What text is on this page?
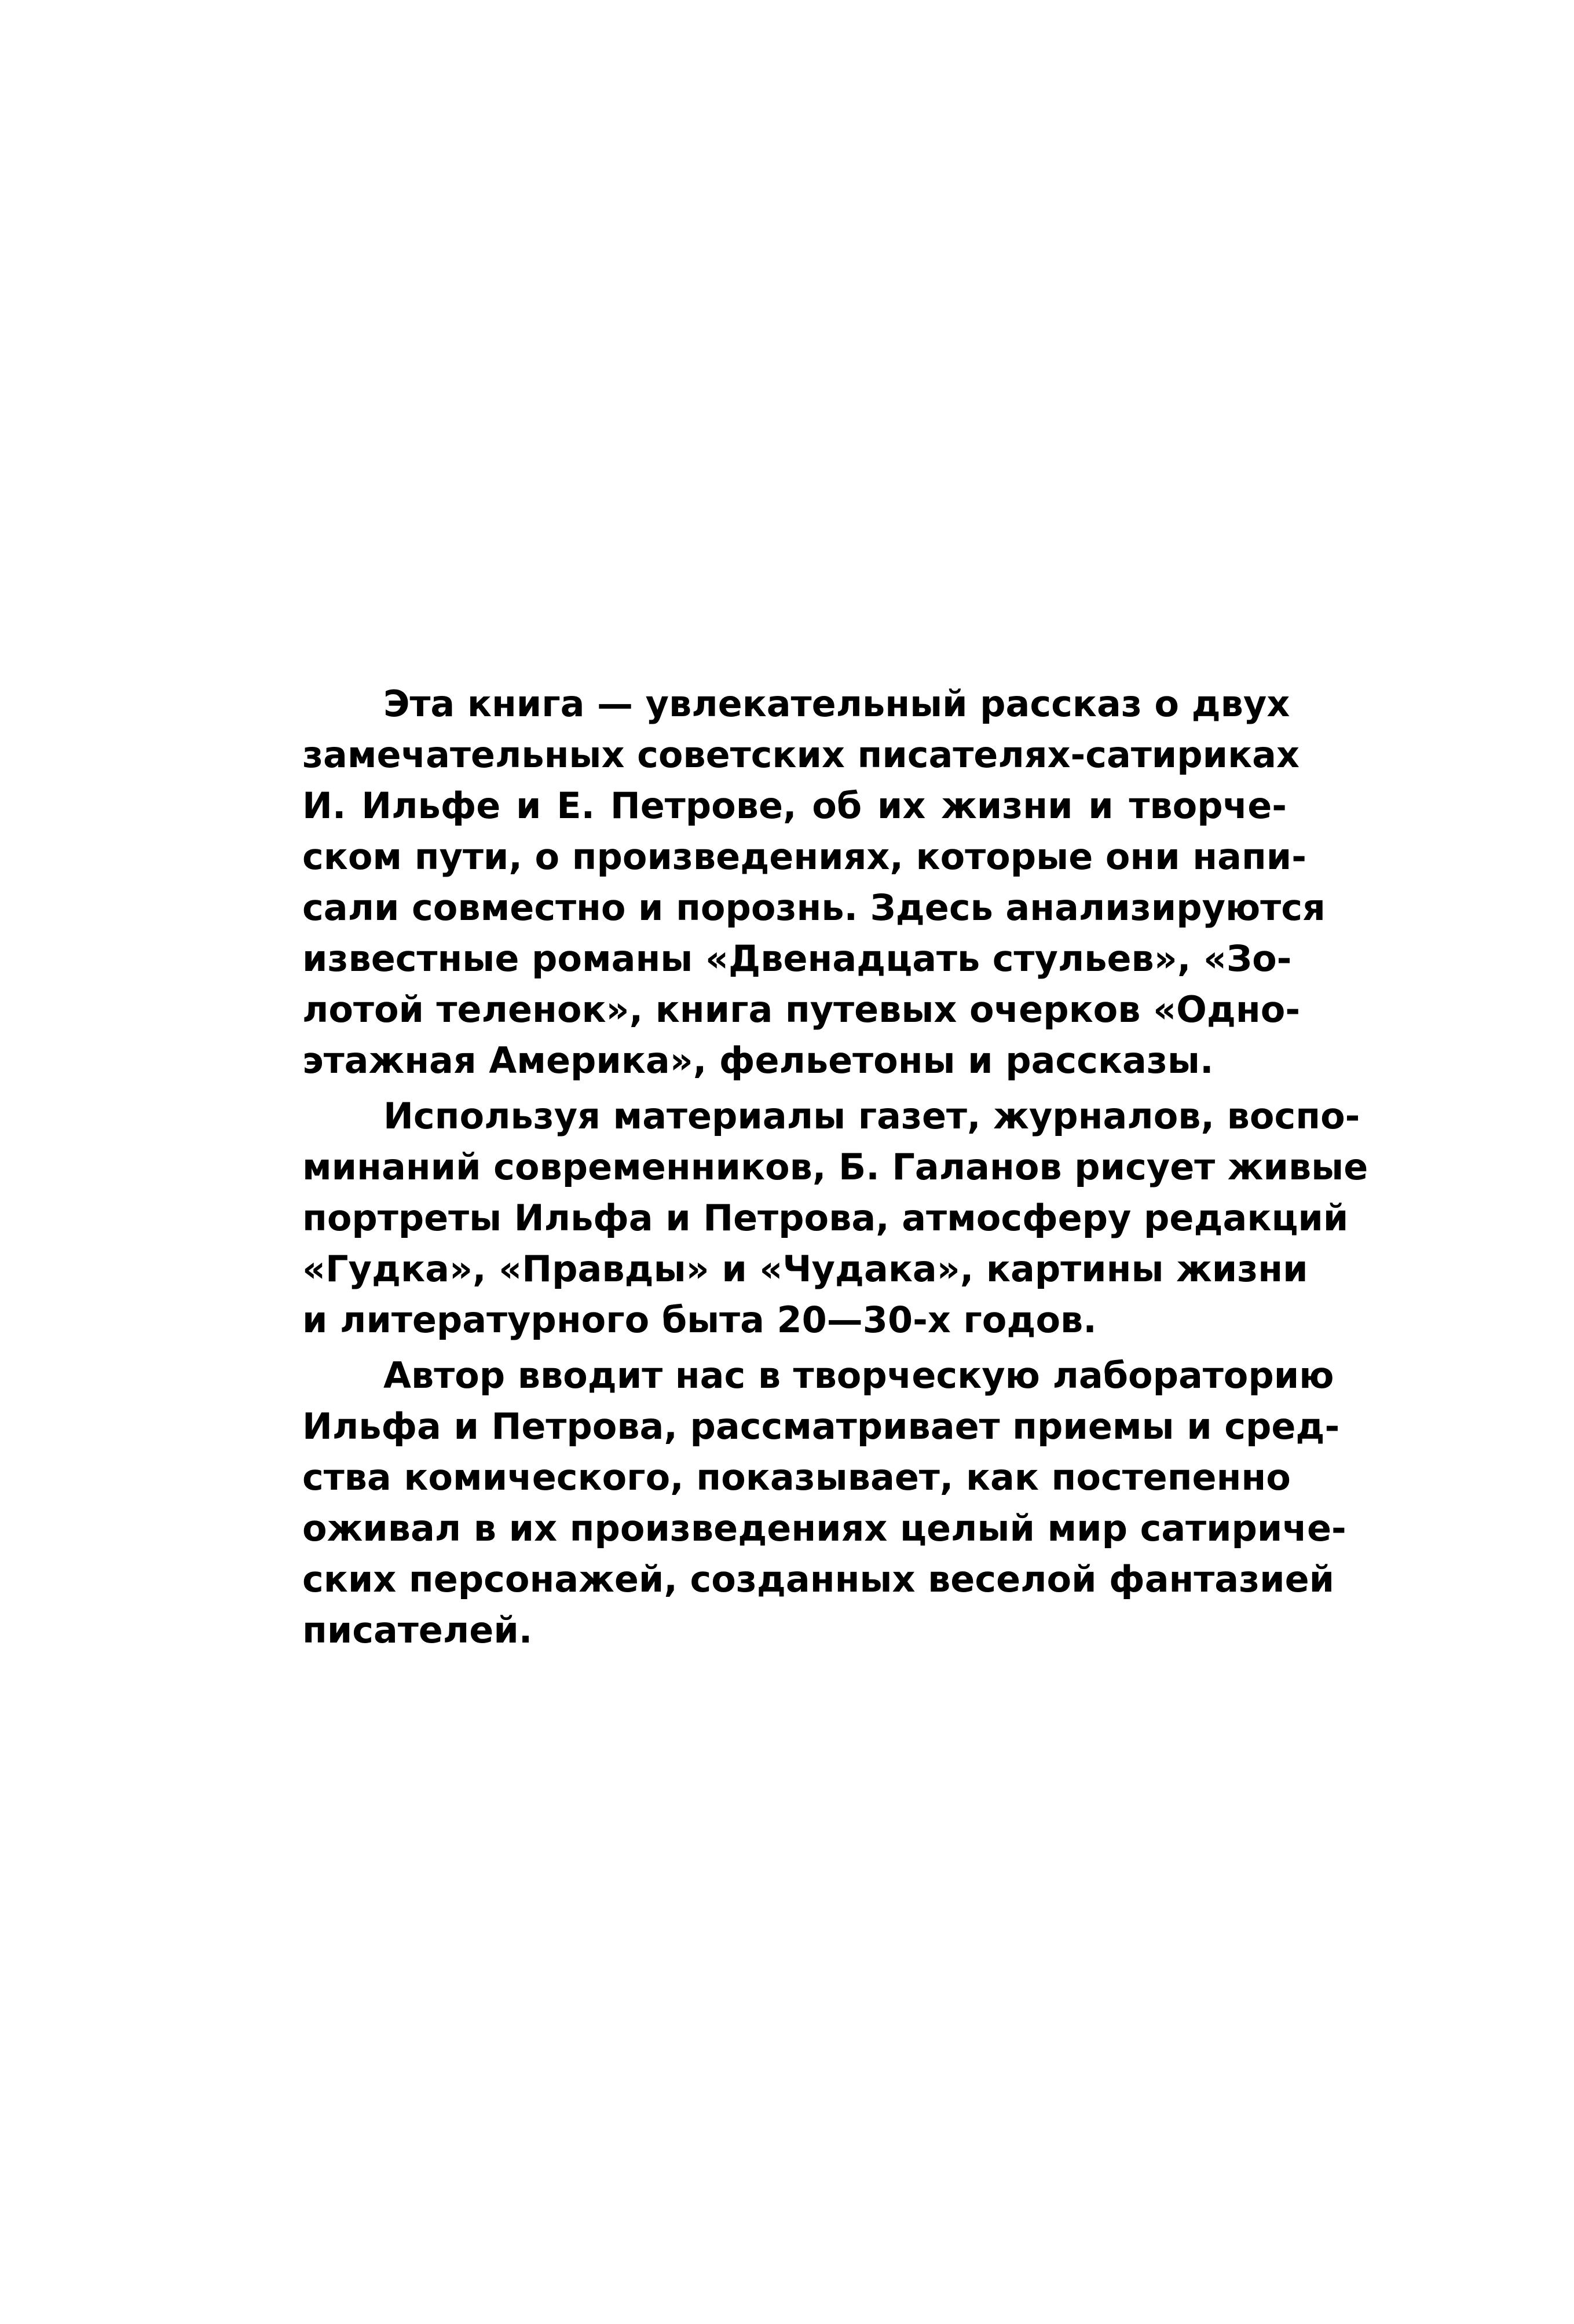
Эта книга — увлекательный рассказ о двух
замечательных советских писателях-сатириках
И. Ильфе и Е. Петрове, об их жизни и творче-
ском пути, о произведениях, которые они напи-
сали совместно и порознь. Здесь анализируются
известные романы «Двенадцать стульев», «Зо-
лотой теленок», книга путевых очерков «Одно-
этажная Америка», фельетоны и рассказы.

Используя материалы газет, журналов, воспо-
минаний современников, Б. Галанов рисует живые
портреты Ильфа и Петрова, атмосферу редакций
«Гудка», «Правды» и «Чудака», картины жизни
и литературного быта 20—30-х годов.

Автор вводит нас в творческую лабораторию
Ильфа и Петрова, рассматривает приемы и сред-
ства комического, показывает, как постепенно
оживал в их произведениях целый мир сатириче-
ских персонажей, созданных веселой фантазией
писателей.
